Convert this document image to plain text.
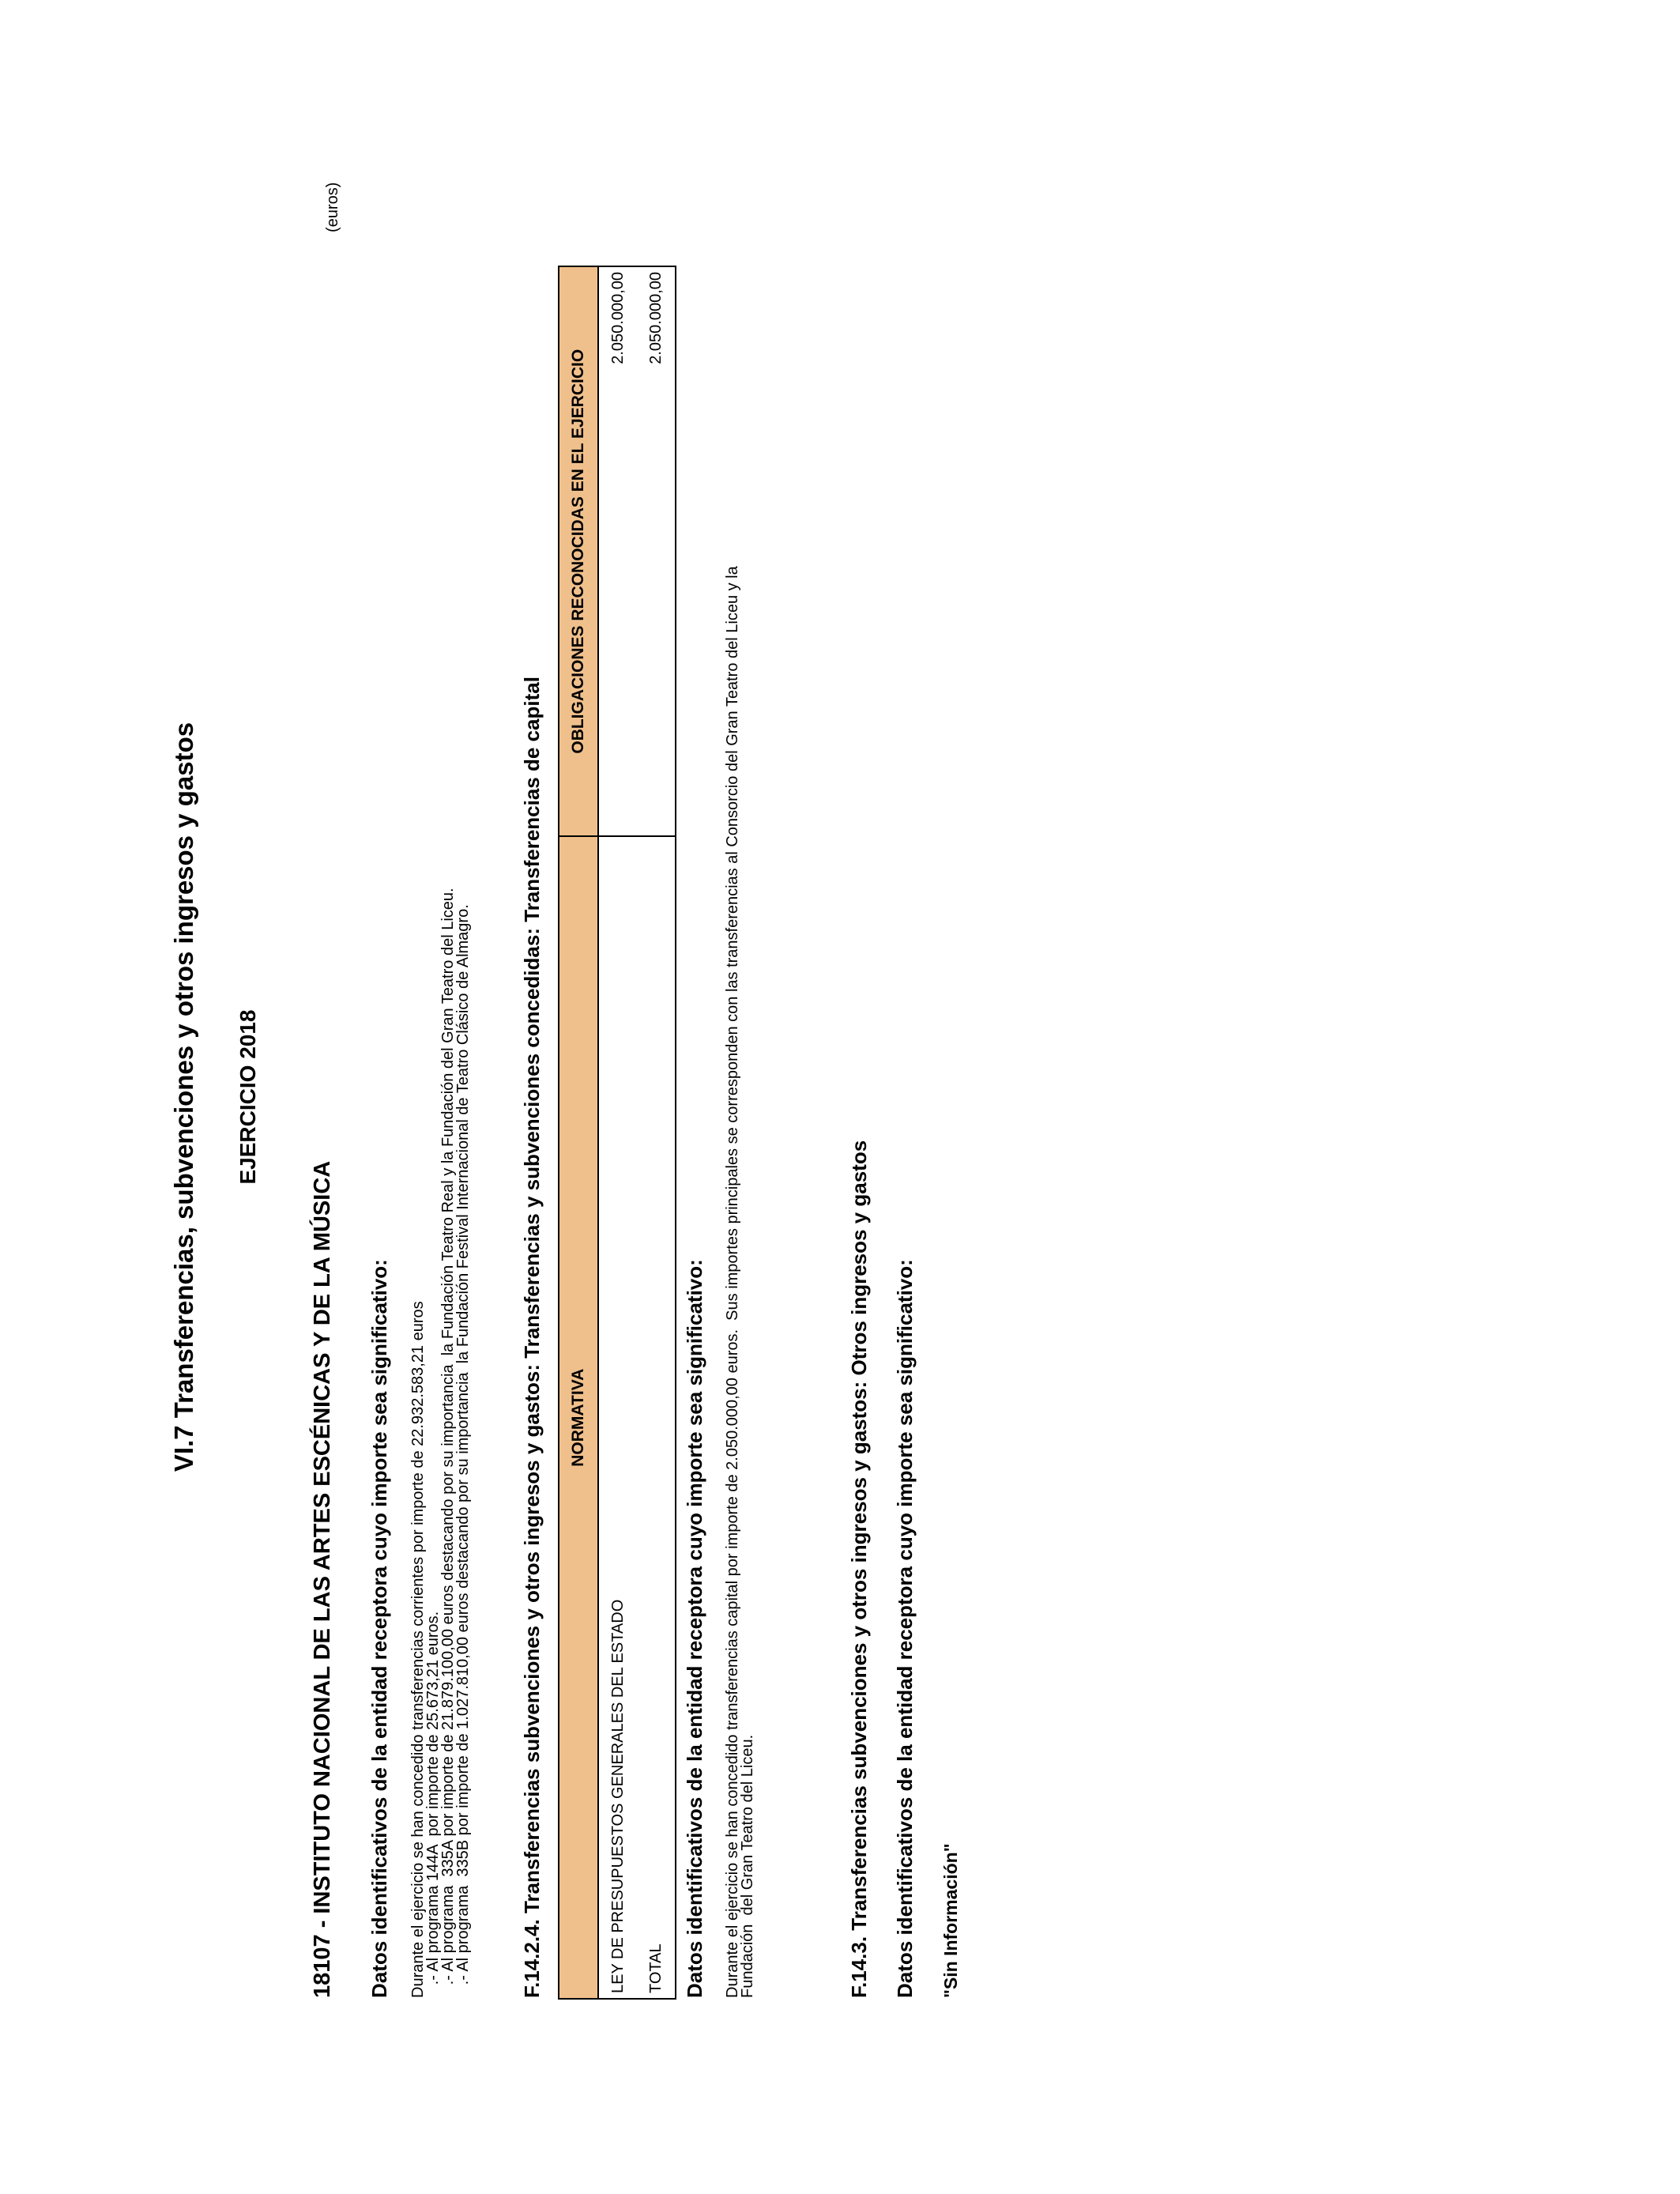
VI.7 Transferencias, subvenciones y otros ingresos y gastos EJERCICIO 2018
(euros)
18107 - INSTITUTO NACIONAL DE LAS ARTES ESCÉNICAS Y DE LA MÚSICA Datos identificativos de la entidad receptora cuyo importe sea significativo: Durante el ejercicio se han concedido transferencias corrientes por importe de 22.932.583,21 euros
.- Al programa 144A  por importe de 25.673,21 euros.
.- Al programa  335A por importe de 21.879.100,00 euros destacando por su importancia  la Fundación Teatro Real y la Fundación del Gran Teatro del Liceu.
.- Al programa  335B por importe de 1.027.810,00 euros destacando por su importancia  la Fundación Festival Internacional de Teatro Clásico de Almagro. F.14.2.4. Transferencias subvenciones y otros ingresos y gastos: Transferencias y subvenciones concedidas: Transferencias de capital NORMATIVA	OBLIGACIONES RECONOCIDAS EN EL EJERCICIO
LEY DE PRESUPUESTOS GENERALES DEL ESTADO	2.050.000,00
TOTAL	2.050.000,00
Datos identificativos de la entidad receptora cuyo importe sea significativo: Durante el ejercicio se han concedido transferencias capital por importe de 2.050.000,00 euros.  Sus importes principales se corresponden con las transferencias al Consorcio del Gran Teatro del Liceu y la
Fundación  del Gran Teatro del Liceu.	F.14.3. Transferencias subvenciones y otros ingresos y gastos: Otros ingresos y gastos Datos identificativos de la entidad receptora cuyo importe sea significativo: "Sin Información"
